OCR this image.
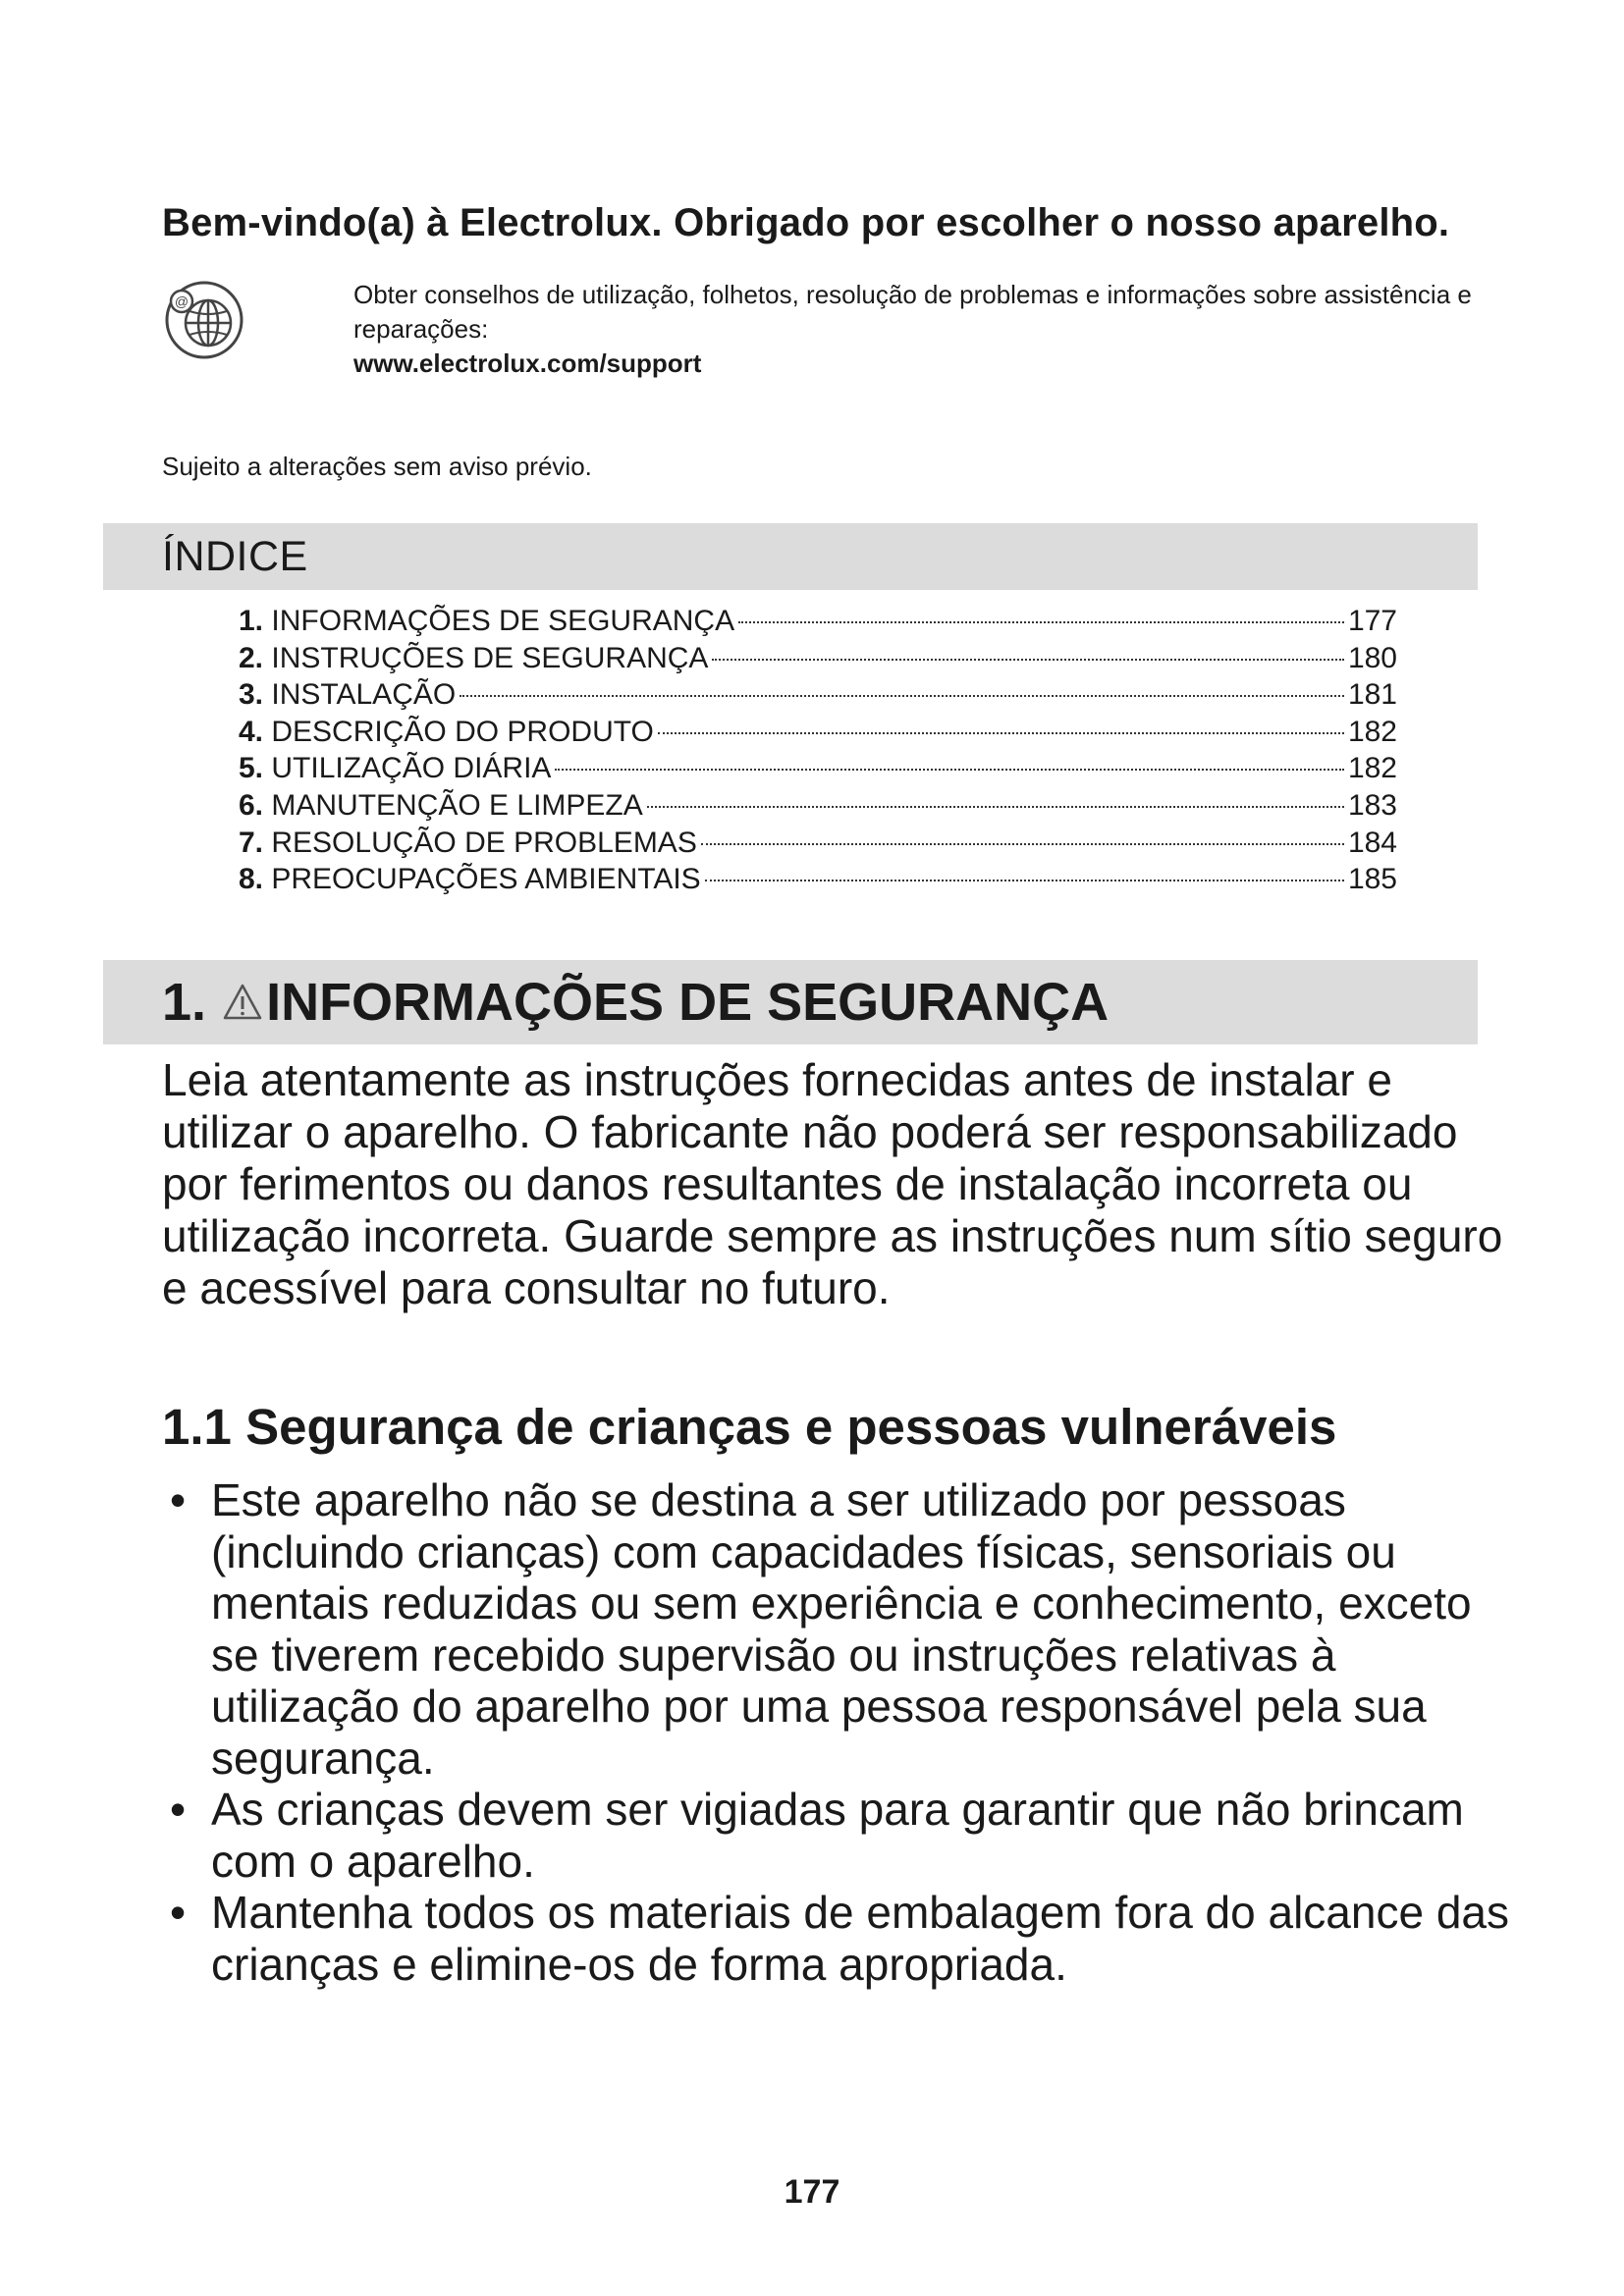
Bem-vindo(a) à Electrolux. Obrigado por escolher o nosso aparelho.
@	Obter conselhos de utilização, folhetos, resolução de problemas e informações sobre assistência e reparações:
www.electrolux.com/support
Sujeito a alterações sem aviso prévio.
ÍNDICE
1.
INFORMAÇÕES DE SEGURANÇA	177
2.
INSTRUÇÕES DE SEGURANÇA	180
3.
INSTALAÇÃO	181
4.
DESCRIÇÃO DO PRODUTO	182
5.
UTILIZAÇÃO DIÁRIA	182
6.
MANUTENÇÃO E LIMPEZA	183
7.
RESOLUÇÃO DE PROBLEMAS	184
8.
PREOCUPAÇÕES AMBIENTAIS	185
1.
INFORMAÇÕES DE SEGURANÇA

Leia atentamente as instruções fornecidas antes de instalar e utilizar o aparelho. O fabricante não poderá ser responsabilizado por ferimentos ou danos resultantes de instalação incorreta ou utilização incorreta. Guarde sempre as instruções num sítio seguro e acessível para consultar no futuro.

1.1 Segurança de crianças e pessoas vulneráveis
• Este aparelho não se destina a ser utilizado por pessoas (incluindo crianças) com capacidades físicas, sensoriais ou mentais reduzidas ou sem experiência e conhecimento, exceto se tiverem recebido supervisão ou instruções relativas à utilização do aparelho por uma pessoa responsável pela sua segurança.
• As crianças devem ser vigiadas para garantir que não brincam com o aparelho.
• Mantenha todos os materiais de embalagem fora do alcance das crianças e elimine-os de forma apropriada.
177
